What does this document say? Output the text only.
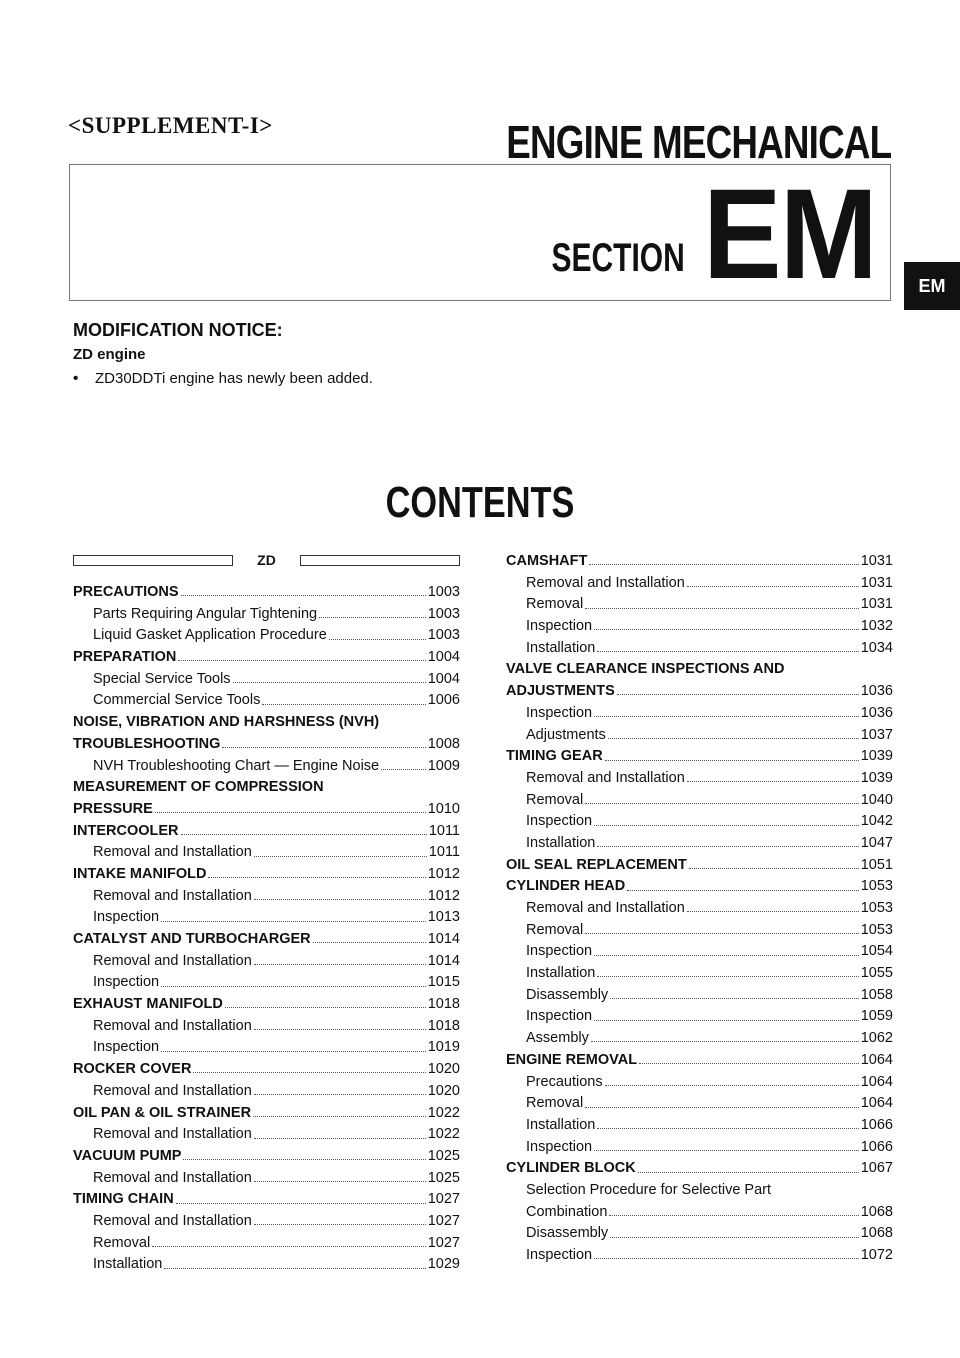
<SUPPLEMENT-I>	ENGINE MECHANICAL
SECTION EM	EM
MODIFICATION NOTICE:
ZD engine
• ZD30DDTi engine has newly been added.
CONTENTS
ZD
PRECAUTIONS	1003
Parts Requiring Angular Tightening	1003
Liquid Gasket Application Procedure	1003
PREPARATION	1004
Special Service Tools	1004
Commercial Service Tools	1006
NOISE, VIBRATION AND HARSHNESS (NVH)
TROUBLESHOOTING	1008
NVH Troubleshooting Chart — Engine Noise	1009
MEASUREMENT OF COMPRESSION
PRESSURE	1010
INTERCOOLER	1011
Removal and Installation	1011
INTAKE MANIFOLD	1012
Removal and Installation	1012
Inspection	1013
CATALYST AND TURBOCHARGER	1014
Removal and Installation	1014
Inspection	1015
EXHAUST MANIFOLD	1018
Removal and Installation	1018
Inspection	1019
ROCKER COVER	1020
Removal and Installation	1020
OIL PAN & OIL STRAINER	1022
Removal and Installation	1022
VACUUM PUMP	1025
Removal and Installation	1025
TIMING CHAIN	1027
Removal and Installation	1027
Removal	1027
Installation	1029
CAMSHAFT	1031
Removal and Installation	1031
Removal	1031
Inspection	1032
Installation	1034
VALVE CLEARANCE INSPECTIONS AND
ADJUSTMENTS	1036
Inspection	1036
Adjustments	1037
TIMING GEAR	1039
Removal and Installation	1039
Removal	1040
Inspection	1042
Installation	1047
OIL SEAL REPLACEMENT	1051
CYLINDER HEAD	1053
Removal and Installation	1053
Removal	1053
Inspection	1054
Installation	1055
Disassembly	1058
Inspection	1059
Assembly	1062
ENGINE REMOVAL	1064
Precautions	1064
Removal	1064
Installation	1066
Inspection	1066
CYLINDER BLOCK	1067
Selection Procedure for Selective Part
Combination	1068
Disassembly	1068
Inspection	1072
